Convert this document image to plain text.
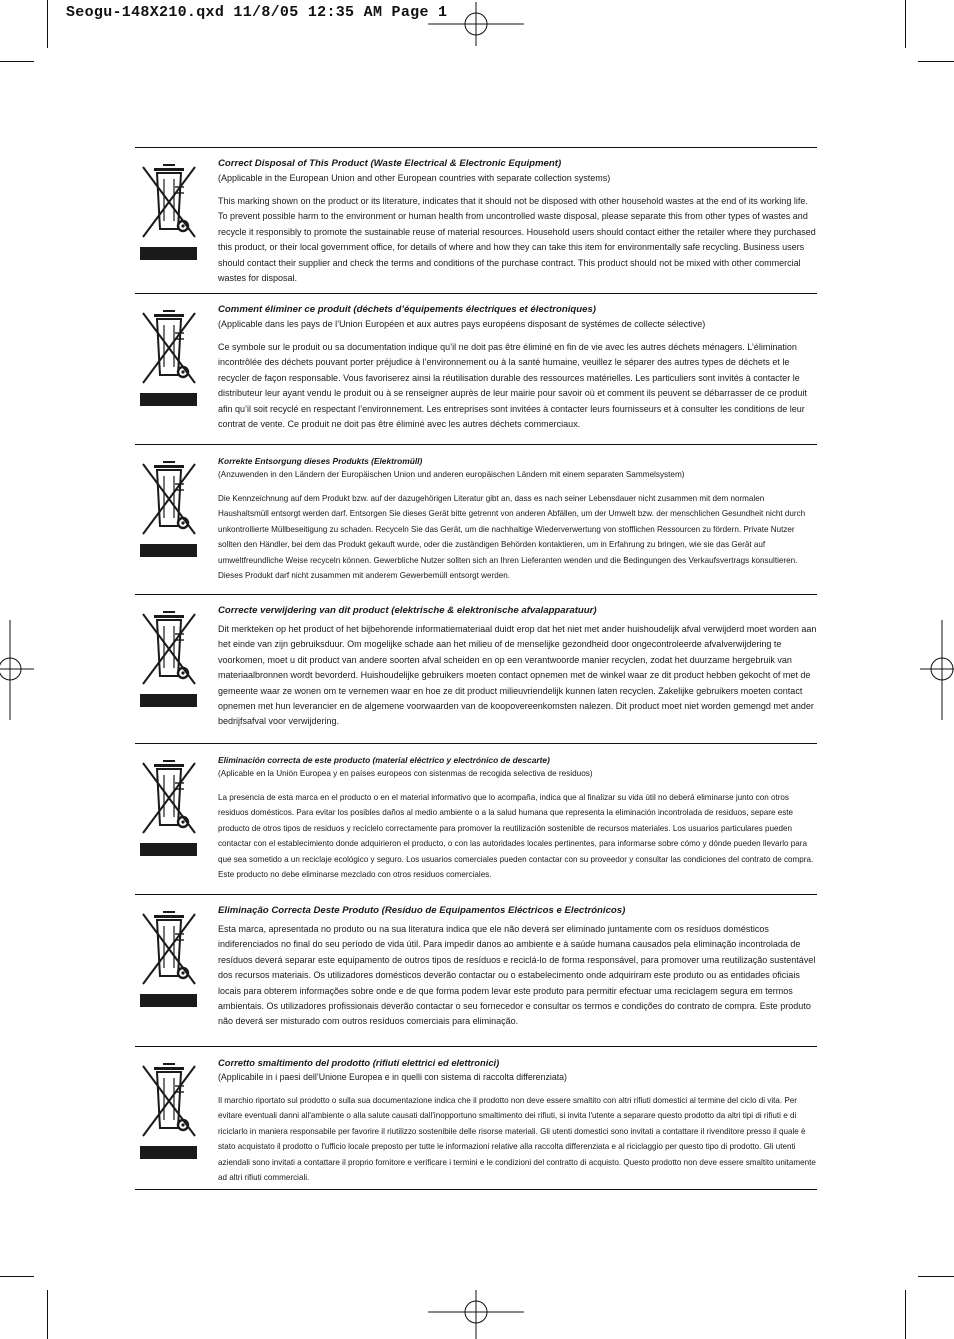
Seogu-148X210.qxd 11/8/05 12:35 AM Page 1
Correct Disposal of This Product (Waste Electrical & Electronic Equipment)
(Applicable in the European Union and other European countries with separate collection systems)
This marking shown on the product or its literature, indicates that it should not be disposed with other household wastes at the end of its working life. To prevent possible harm to the environment or human health from uncontrolled waste disposal, please separate this from other types of wastes and recycle it responsibly to promote the sustainable reuse of material resources. Household users should contact either the retailer where they purchased this product, or their local government office, for details of where and how they can take this item for environmentally safe recycling. Business users should contact their supplier and check the terms and conditions of the purchase contract. This product should not be mixed with other commercial wastes for disposal.
Comment éliminer ce produit (déchets d’équipements électriques et électroniques)
(Applicable dans les pays de l’Union Européen et aux autres pays européens disposant de systémes de collecte sélective)
Ce symbole sur le produit ou sa documentation indique qu’il ne doit pas être éliminé en fin de vie avec les autres déchets ménagers. L’élimination incontrôlée des déchets pouvant porter préjudice à l’environnement ou à la santé humaine, veuillez le séparer des autres types de déchets et le recycler de façon responsable. Vous favoriserez ainsi la réutilisation durable des ressources matérielles. Les particuliers sont invités à contacter le distributeur leur ayant vendu le produit ou à se renseigner auprès de leur mairie pour savoir où et comment ils peuvent se débarrasser de ce produit afin qu’il soit recyclé en respectant l’environnement. Les entreprises sont invitées à contacter leurs fournisseurs et à consulter les conditions de leur contrat de vente. Ce produit ne doit pas être éliminé avec les autres déchets commerciaux.
Korrekte Entsorgung dieses Produkts (Elektromüll)
(Anzuwenden in den Ländern der Europäischen Union und anderen europäischen Ländern mit einem separaten Sammelsystem)
Die Kennzeichnung auf dem Produkt bzw. auf der dazugehörigen Literatur gibt an, dass es nach seiner Lebensdauer nicht zusammen mit dem normalen Haushaltsmüll entsorgt werden darf. Entsorgen Sie dieses Gerät bitte getrennt von anderen Abfällen, um der Umwelt bzw. der menschlichen Gesundheit nicht durch unkontrollierte Müllbeseitigung zu schaden. Recyceln Sie das Gerät, um die nachhaltige Wiederverwertung von stofflichen Ressourcen zu fördern. Private Nutzer sollten den Händler, bei dem das Produkt gekauft wurde, oder die zuständigen Behörden kontaktieren, um in Erfahrung zu bringen, wie sie das Gerät auf umweltfreundliche Weise recyceln können. Gewerbliche Nutzer sollten sich an Ihren Lieferanten wenden und die Bedingungen des Verkaufsvertrags konsultieren. Dieses Produkt darf nicht zusammen mit anderem Gewerbemüll entsorgt werden.
Correcte verwijdering van dit product (elektrische & elektronische afvalapparatuur)
Dit merkteken op het product of het bijbehorende informatiemateriaal duidt erop dat het niet met ander huishoudelijk afval verwijderd moet worden aan het einde van zijn gebruiksduur. Om mogelijke schade aan het milieu of de menselijke gezondheid door ongecontroleerde afvalverwijdering te voorkomen, moet u dit product van andere soorten afval scheiden en op een verantwoorde manier recyclen, zodat het duurzame hergebruik van materiaalbronnen wordt bevorderd. Huishoudelijke gebruikers moeten contact opnemen met de winkel waar ze dit product hebben gekocht of met de gemeente waar ze wonen om te vernemen waar en hoe ze dit product milieuvriendelijk kunnen laten recyclen. Zakelijke gebruikers moeten contact opnemen met hun leverancier en de algemene voorwaarden van de koopovereenkomsten nalezen. Dit product moet niet worden gemengd met ander bedrijfsafval voor verwijdering.
Eliminación correcta de este producto (material eléctrico y electrónico de descarte)
(Aplicable en la Unión Europea y en países europeos con sistenmas de recogida selectiva de residuos)
La presencia de esta marca en el producto o en el material informativo que lo acompaña, indica que al finalizar su vida útil no deberá eliminarse junto con otros residuos domésticos. Para evitar los posibles daños al medio ambiente o a la salud humana que representa la eliminación incontrolada de residuos, separe este producto de otros tipos de residuos y recíclelo correctamente para promover la reutilización sostenible de recursos materiales. Los usuarios particulares pueden contactar con el establecimiento donde adquirieron el producto, o con las autoridades locales pertinentes, para informarse sobre cómo y dónde pueden llevarlo para que sea sometido a un reciclaje ecológico y seguro. Los usuarios comerciales pueden contactar con su proveedor y consultar las condiciones del contrato de compra. Este producto no debe eliminarse mezclado con otros residuos comerciales.
Eliminação Correcta Deste Produto (Resíduo de Equipamentos Eléctricos e Electrónicos)
Esta marca, apresentada no produto ou na sua literatura indica que ele não deverá ser eliminado juntamente com os resíduos domésticos indiferenciados no final do seu período de vida útil. Para impedir danos ao ambiente e à saúde humana causados pela eliminação incontrolada de resíduos deverá separar este equipamento de outros tipos de resíduos e reciclá-lo de forma responsável, para promover uma reutilização sustentável dos recursos materiais. Os utilizadores domésticos deverão contactar ou o estabelecimento onde adquiriram este produto ou as entidades oficiais locais para obterem informações sobre onde e de que forma podem levar este produto para permitir efectuar uma reciclagem segura em termos ambientais. Os utilizadores profissionais deverão contactar o seu fornecedor e consultar os termos e condições do contrato de compra. Este produto não deverá ser misturado com outros resíduos comerciais para eliminação.
Corretto smaltimento del prodotto (rifiuti elettrici ed elettronici)
(Applicabile in i paesi dell’Unione Europea e in quelli con sistema di raccolta differenziata)
Il marchio riportato sul prodotto o sulla sua documentazione indica che il prodotto non deve essere smaltito con altri rifiuti domestici al termine del ciclo di vita. Per evitare eventuali danni all'ambiente o alla salute causati dall'inopportuno smaltimento dei rifiuti, si invita l'utente a separare questo prodotto da altri tipi di rifiuti e di riciclarlo in maniera responsabile per favorire il riutilizzo sostenibile delle risorse materiali. Gli utenti domestici sono invitati a contattare il rivenditore presso il quale è stato acquistato il prodotto o l'ufficio locale preposto per tutte le informazioni relative alla raccolta differenziata e al riciclaggio per questo tipo di prodotto. Gli utenti aziendali sono invitati a contattare il proprio fornitore e verificare i termini e le condizioni del contratto di acquisto. Questo prodotto non deve essere smaltito unitamente ad altri rifiuti commerciali.
